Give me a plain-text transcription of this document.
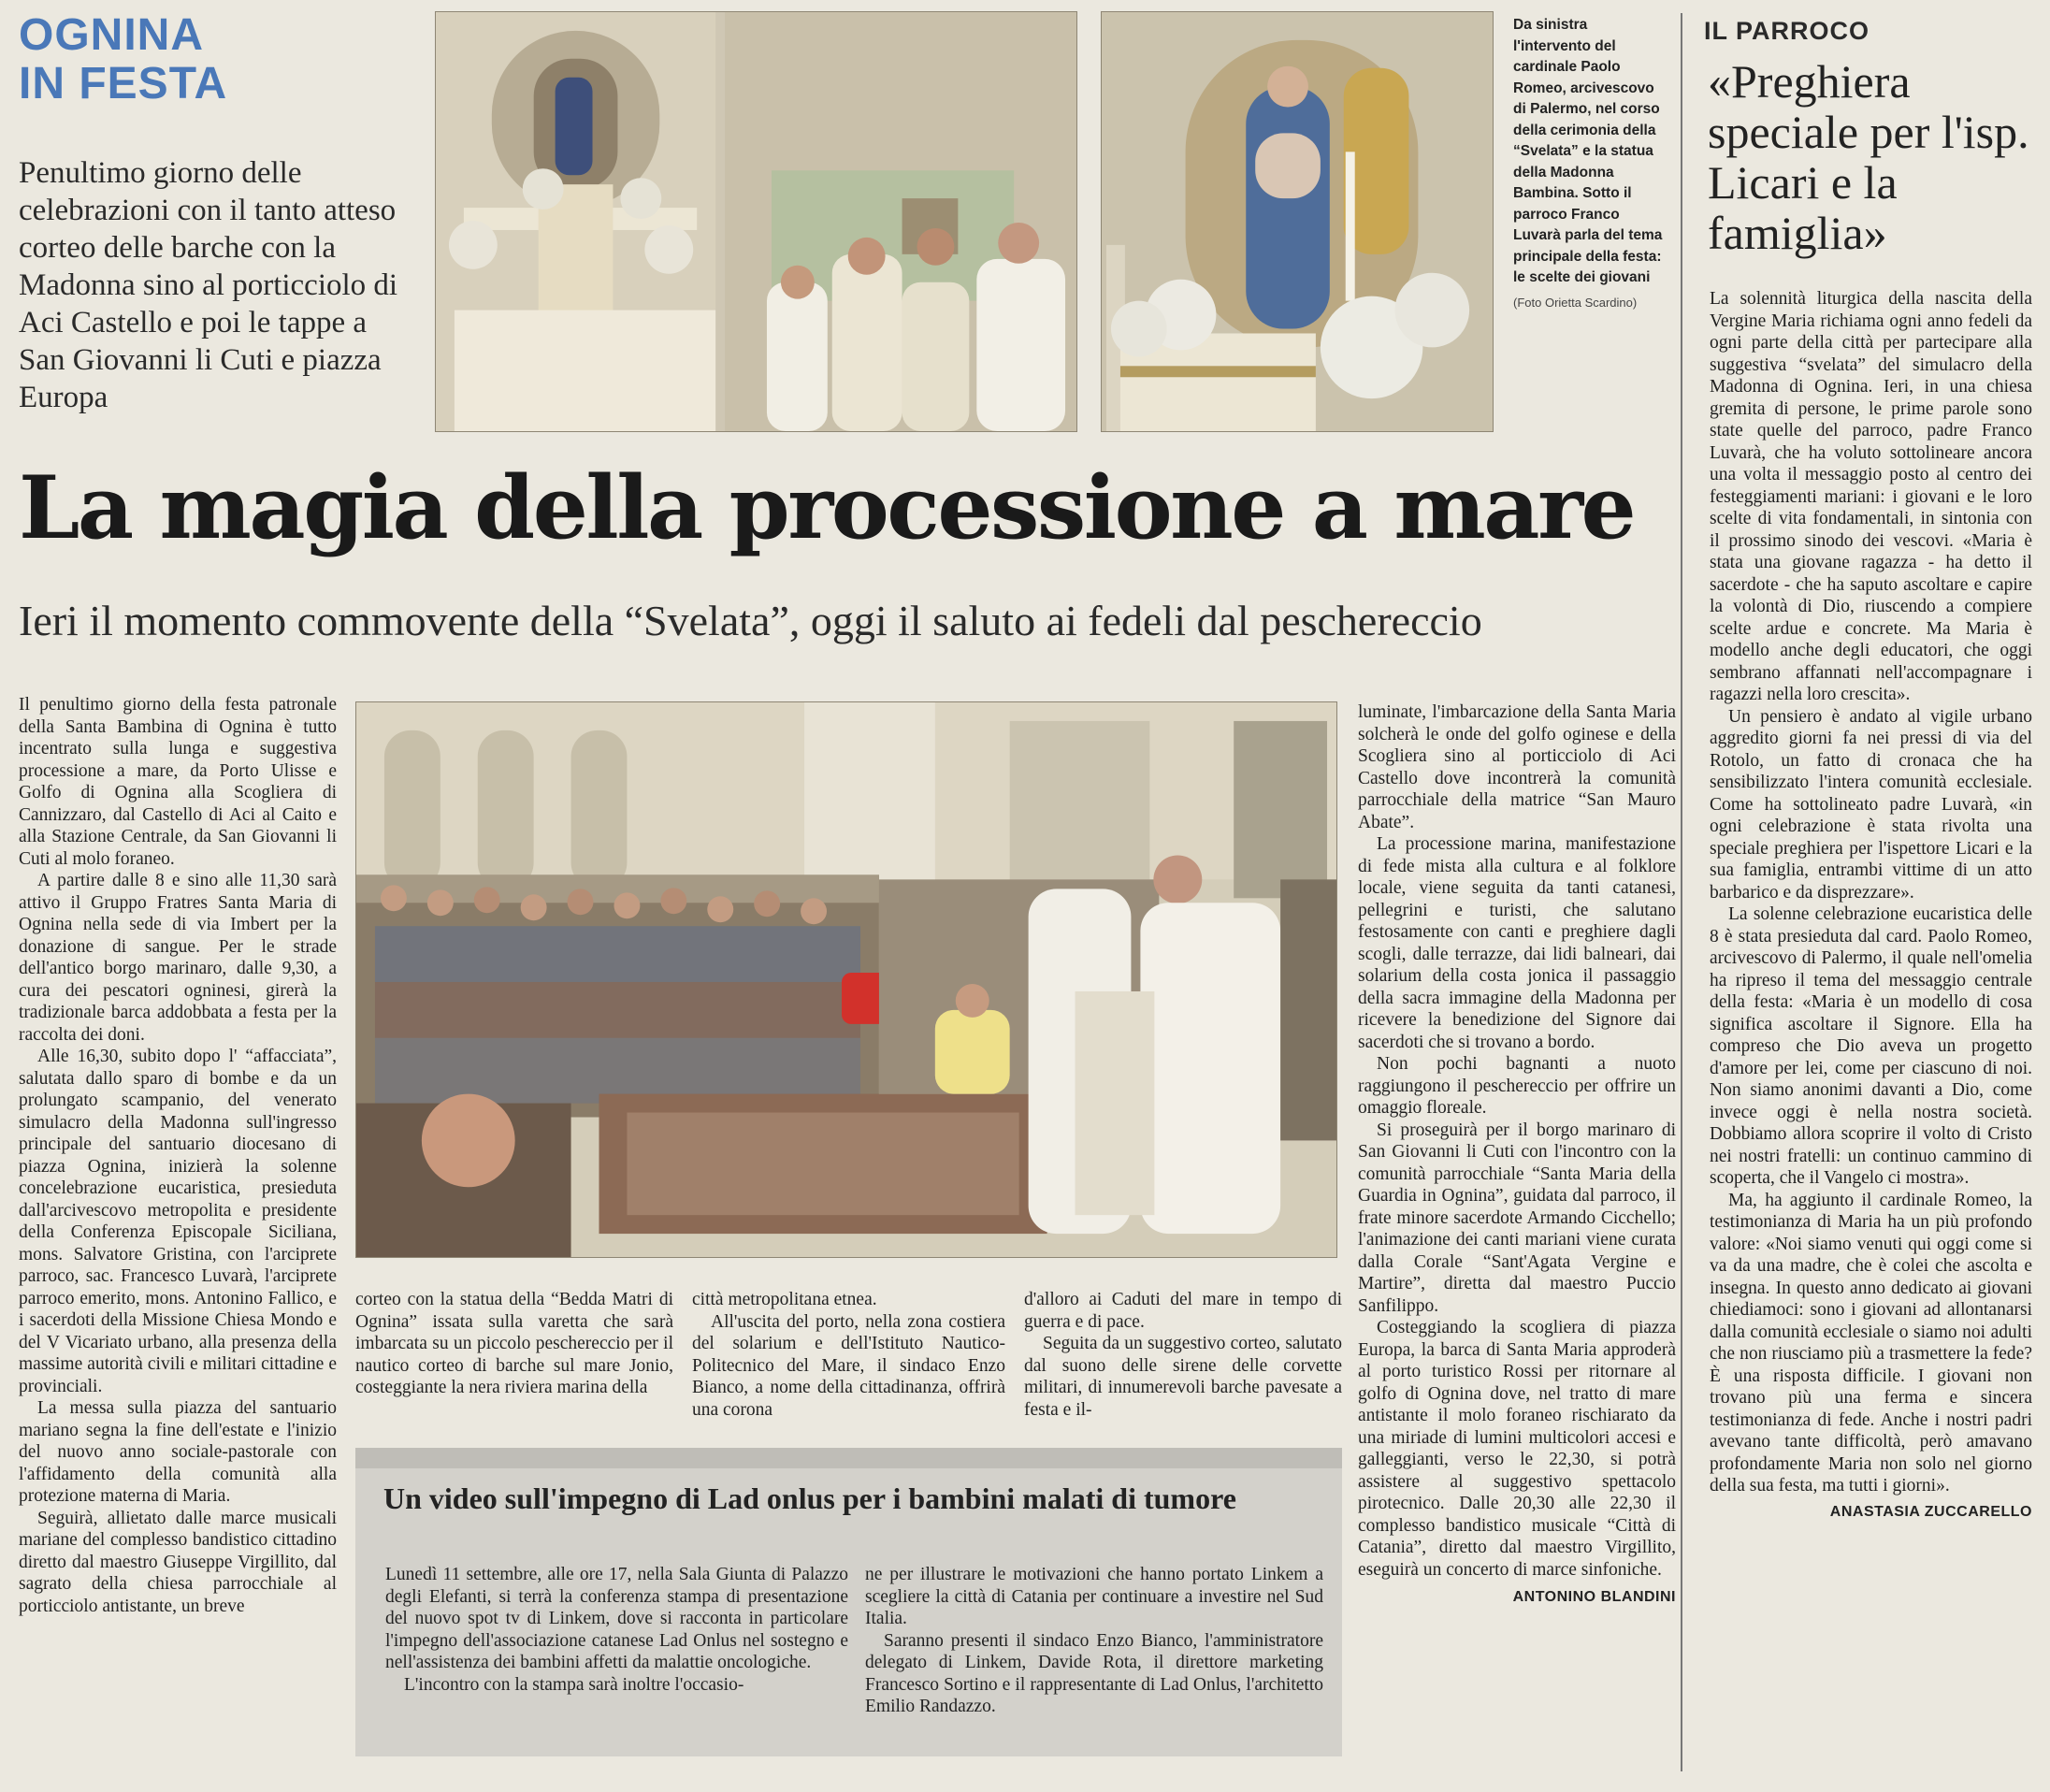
OGNINA
IN FESTA
Penultimo giorno delle celebrazioni con il tanto atteso corteo delle barche con la Madonna sino al porticciolo di Aci Castello e poi le tappe a San Giovanni li Cuti e piazza Europa
Da sinistra l'intervento del cardinale Paolo Romeo, arcivescovo di Palermo, nel corso della cerimonia della “Svelata” e la statua della Madonna Bambina. Sotto il parroco Franco Luvarà parla del tema principale della festa: le scelte dei giovani
(Foto Orietta Scardino)
La magia della processione a mare
Ieri il momento commovente della “Svelata”, oggi il saluto ai fedeli dal peschereccio

Il penultimo giorno della festa patronale della Santa Bambina di Ognina è tutto incentrato sulla lunga e suggestiva processione a mare, da Porto Ulisse e Golfo di Ognina alla Scogliera di Cannizzaro, dal Castello di Aci al Caito e alla Stazione Centrale, da San Giovanni li Cuti al molo foraneo.

A partire dalle 8 e sino alle 11,30 sarà attivo il Gruppo Fratres Santa Maria di Ognina nella sede di via Imbert per la donazione di sangue. Per le strade dell'antico borgo marinaro, dalle 9,30, a cura dei pescatori ogninesi, girerà la tradizionale barca addobbata a festa per la raccolta dei doni.

Alle 16,30, subito dopo l' “affacciata”, salutata dallo sparo di bombe e da un prolungato scampanio, del venerato simulacro della Madonna sull'ingresso principale del santuario diocesano di piazza Ognina, inizierà la solenne concelebrazione eucaristica, presieduta dall'arcivescovo metropolita e presidente della Conferenza Episcopale Siciliana, mons. Salvatore Gristina, con l'arciprete parroco, sac. Francesco Luvarà, l'arciprete parroco emerito, mons. Antonino Fallico, e i sacerdoti della Missione Chiesa Mondo e del V Vicariato urbano, alla presenza della massime autorità civili e militari cittadine e provinciali.

La messa sulla piazza del santuario mariano segna la fine dell'estate e l'inizio del nuovo anno sociale-pastorale con l'affidamento della comunità alla protezione materna di Maria.

Seguirà, allietato dalle marce musicali mariane del complesso bandistico cittadino diretto dal maestro Giuseppe Virgillito, dal sagrato della chiesa parrocchiale al porticciolo antistante, un breve

corteo con la statua della “Bedda Matri di Ognina” issata sulla varetta che sarà imbarcata su un piccolo peschereccio per il nautico corteo di barche sul mare Jonio, costeggiante la nera riviera marina della

città metropolitana etnea.

All'uscita del porto, nella zona costiera del solarium e dell'Istituto Nautico-Politecnico del Mare, il sindaco Enzo Bianco, a nome della cittadinanza, offrirà una corona

d'alloro ai Caduti del mare in tempo di guerra e di pace.

Seguita da un suggestivo corteo, salutato dal suono delle sirene delle corvette militari, di innumerevoli barche pavesate a festa e il-

luminate, l'imbarcazione della Santa Maria solcherà le onde del golfo oginese e della Scogliera sino al porticciolo di Aci Castello dove incontrerà la comunità parrocchiale della matrice “San Mauro Abate”.

La processione marina, manifestazione di fede mista alla cultura e al folklore locale, viene seguita da tanti catanesi, pellegrini e turisti, che salutano festosamente con canti e preghiere dagli scogli, dalle terrazze, dai lidi balneari, dai solarium della costa jonica il passaggio della sacra immagine della Madonna per ricevere la benedizione del Signore dai sacerdoti che si trovano a bordo.

Non pochi bagnanti a nuoto raggiungono il peschereccio per offrire un omaggio floreale.

Si proseguirà per il borgo marinaro di San Giovanni li Cuti con l'incontro con la comunità parrocchiale “Santa Maria della Guardia in Ognina”, guidata dal parroco, il frate minore sacerdote Armando Cicchello; l'animazione dei canti mariani viene curata dalla Corale “Sant'Agata Vergine e Martire”, diretta dal maestro Puccio Sanfilippo.

Costeggiando la scogliera di piazza Europa, la barca di Santa Maria approderà al porto turistico Rossi per ritornare al golfo di Ognina dove, nel tratto di mare antistante il molo foraneo rischiarato da una miriade di lumini multicolori accesi e galleggianti, verso le 22,30, si potrà assistere al suggestivo spettacolo pirotecnico. Dalle 20,30 alle 22,30 il complesso bandistico musicale “Città di Catania”, diretto dal maestro Virgillito, eseguirà un concerto di marce sinfoniche.

ANTONINO BLANDINI
Un video sull'impegno di Lad onlus per i bambini malati di tumore

Lunedì 11 settembre, alle ore 17, nella Sala Giunta di Palazzo degli Elefanti, si terrà la conferenza stampa di presentazione del nuovo spot tv di Linkem, dove si racconta in particolare l'impegno dell'associazione catanese Lad Onlus nel sostegno e nell'assistenza dei bambini affetti da malattie oncologiche.

L'incontro con la stampa sarà inoltre l'occasio-

ne per illustrare le motivazioni che hanno portato Linkem a scegliere la città di Catania per continuare a investire nel Sud Italia.

Saranno presenti il sindaco Enzo Bianco, l'amministratore delegato di Linkem, Davide Rota, il direttore marketing Francesco Sortino e il rappresentante di Lad Onlus, l'architetto Emilio Randazzo.

IL PARROCO
«Preghiera speciale per l'isp. Licari e la famiglia»

La solennità liturgica della nascita della Vergine Maria richiama ogni anno fedeli da ogni parte della città per partecipare alla suggestiva “svelata” del simulacro della Madonna di Ognina. Ieri, in una chiesa gremita di persone, le prime parole sono state quelle del parroco, padre Franco Luvarà, che ha voluto sottolineare ancora una volta il messaggio posto al centro dei festeggiamenti mariani: i giovani e le loro scelte di vita fondamentali, in sintonia con il prossimo sinodo dei vescovi. «Maria è stata una giovane ragazza - ha detto il sacerdote - che ha saputo ascoltare e capire la volontà di Dio, riuscendo a compiere scelte ardue e concrete. Ma Maria è modello anche degli educatori, che oggi sembrano affannati nell'accompagnare i ragazzi nella loro crescita».

Un pensiero è andato al vigile urbano aggredito giorni fa nei pressi di via del Rotolo, un fatto di cronaca che ha sensibilizzato l'intera comunità ecclesiale. Come ha sottolineato padre Luvarà, «in ogni celebrazione è stata rivolta una speciale preghiera per l'ispettore Licari e la sua famiglia, entrambi vittime di un atto barbarico e da disprezzare».

La solenne celebrazione eucaristica delle 8 è stata presieduta dal card. Paolo Romeo, arcivescovo di Palermo, il quale nell'omelia ha ripreso il tema del messaggio centrale della festa: «Maria è un modello di cosa significa ascoltare il Signore. Ella ha compreso che Dio aveva un progetto d'amore per lei, come per ciascuno di noi. Non siamo anonimi davanti a Dio, come invece oggi è nella nostra società. Dobbiamo allora scoprire il volto di Cristo nei nostri fratelli: un continuo cammino di scoperta, che il Vangelo ci mostra».

Ma, ha aggiunto il cardinale Romeo, la testimonianza di Maria ha un più profondo valore: «Noi siamo venuti qui oggi come si va da una madre, che è colei che ascolta e insegna. In questo anno dedicato ai giovani chiediamoci: sono i giovani ad allontanarsi dalla comunità ecclesiale o siamo noi adulti che non riusciamo più a trasmettere la fede? È una risposta difficile. I giovani non trovano più una ferma e sincera testimonianza di fede. Anche i nostri padri avevano tante difficoltà, però amavano profondamente Maria non solo nel giorno della sua festa, ma tutti i giorni».

ANASTASIA ZUCCARELLO
